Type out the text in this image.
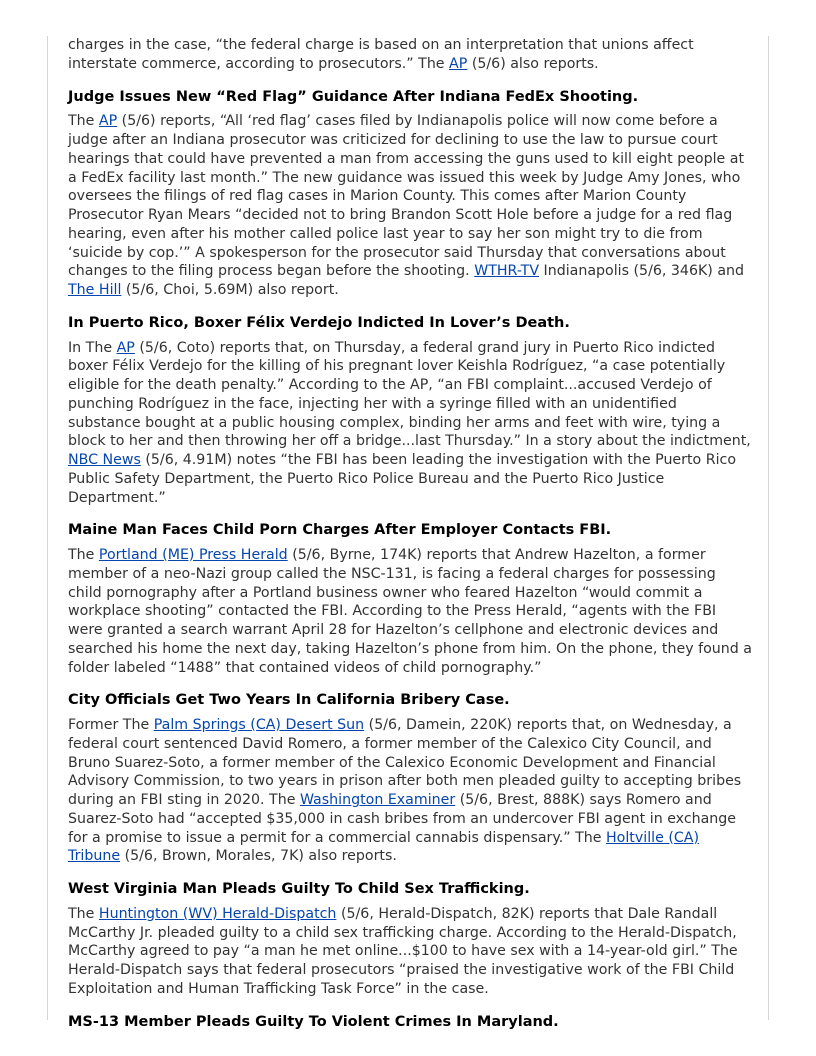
charges in the case, “the federal charge is based on an interpretation that unions affect interstate commerce, according to prosecutors.” The AP (5/6) also reports.

Judge Issues New “Red Flag” Guidance After Indiana FedEx Shooting.

The AP (5/6) reports, “All ‘red flag’ cases filed by Indianapolis police will now come before a judge after an Indiana prosecutor was criticized for declining to use the law to pursue court hearings that could have prevented a man from accessing the guns used to kill eight people at a FedEx facility last month.” The new guidance was issued this week by Judge Amy Jones, who oversees the filings of red flag cases in Marion County. This comes after Marion County Prosecutor Ryan Mears “decided not to bring Brandon Scott Hole before a judge for a red flag hearing, even after his mother called police last year to say her son might try to die from ‘suicide by cop.’” A spokesperson for the prosecutor said Thursday that conversations about changes to the filing process began before the shooting. WTHR-TV Indianapolis (5/6, 346K) and The Hill (5/6, Choi, 5.69M) also report.

In Puerto Rico, Boxer Félix Verdejo Indicted In Lover’s Death.

In The AP (5/6, Coto) reports that, on Thursday, a federal grand jury in Puerto Rico indicted boxer Félix Verdejo for the killing of his pregnant lover Keishla Rodríguez, “a case potentially eligible for the death penalty.” According to the AP, “an FBI complaint...accused Verdejo of punching Rodríguez in the face, injecting her with a syringe filled with an unidentified substance bought at a public housing complex, binding her arms and feet with wire, tying a block to her and then throwing her off a bridge...last Thursday.” In a story about the indictment, NBC News (5/6, 4.91M) notes “the FBI has been leading the investigation with the Puerto Rico Public Safety Department, the Puerto Rico Police Bureau and the Puerto Rico Justice Department.”

Maine Man Faces Child Porn Charges After Employer Contacts FBI.

The Portland (ME) Press Herald (5/6, Byrne, 174K) reports that Andrew Hazelton, a former member of a neo-Nazi group called the NSC-131, is facing a federal charges for possessing child pornography after a Portland business owner who feared Hazelton “would commit a workplace shooting” contacted the FBI. According to the Press Herald, “agents with the FBI were granted a search warrant April 28 for Hazelton’s cellphone and electronic devices and searched his home the next day, taking Hazelton’s phone from him. On the phone, they found a folder labeled “1488” that contained videos of child pornography.”

City Officials Get Two Years In California Bribery Case.

Former The Palm Springs (CA) Desert Sun (5/6, Damein, 220K) reports that, on Wednesday, a federal court sentenced David Romero, a former member of the Calexico City Council, and Bruno Suarez-Soto, a former member of the Calexico Economic Development and Financial Advisory Commission, to two years in prison after both men pleaded guilty to accepting bribes during an FBI sting in 2020. The Washington Examiner (5/6, Brest, 888K) says Romero and Suarez-Soto had “accepted $35,000 in cash bribes from an undercover FBI agent in exchange for a promise to issue a permit for a commercial cannabis dispensary.” The Holtville (CA) Tribune (5/6, Brown, Morales, 7K) also reports.

West Virginia Man Pleads Guilty To Child Sex Trafficking.

The Huntington (WV) Herald-Dispatch (5/6, Herald-Dispatch, 82K) reports that Dale Randall McCarthy Jr. pleaded guilty to a child sex trafficking charge. According to the Herald-Dispatch, McCarthy agreed to pay “a man he met online...$100 to have sex with a 14-year-old girl.” The Herald-Dispatch says that federal prosecutors “praised the investigative work of the FBI Child Exploitation and Human Trafficking Task Force” in the case.

MS-13 Member Pleads Guilty To Violent Crimes In Maryland.
